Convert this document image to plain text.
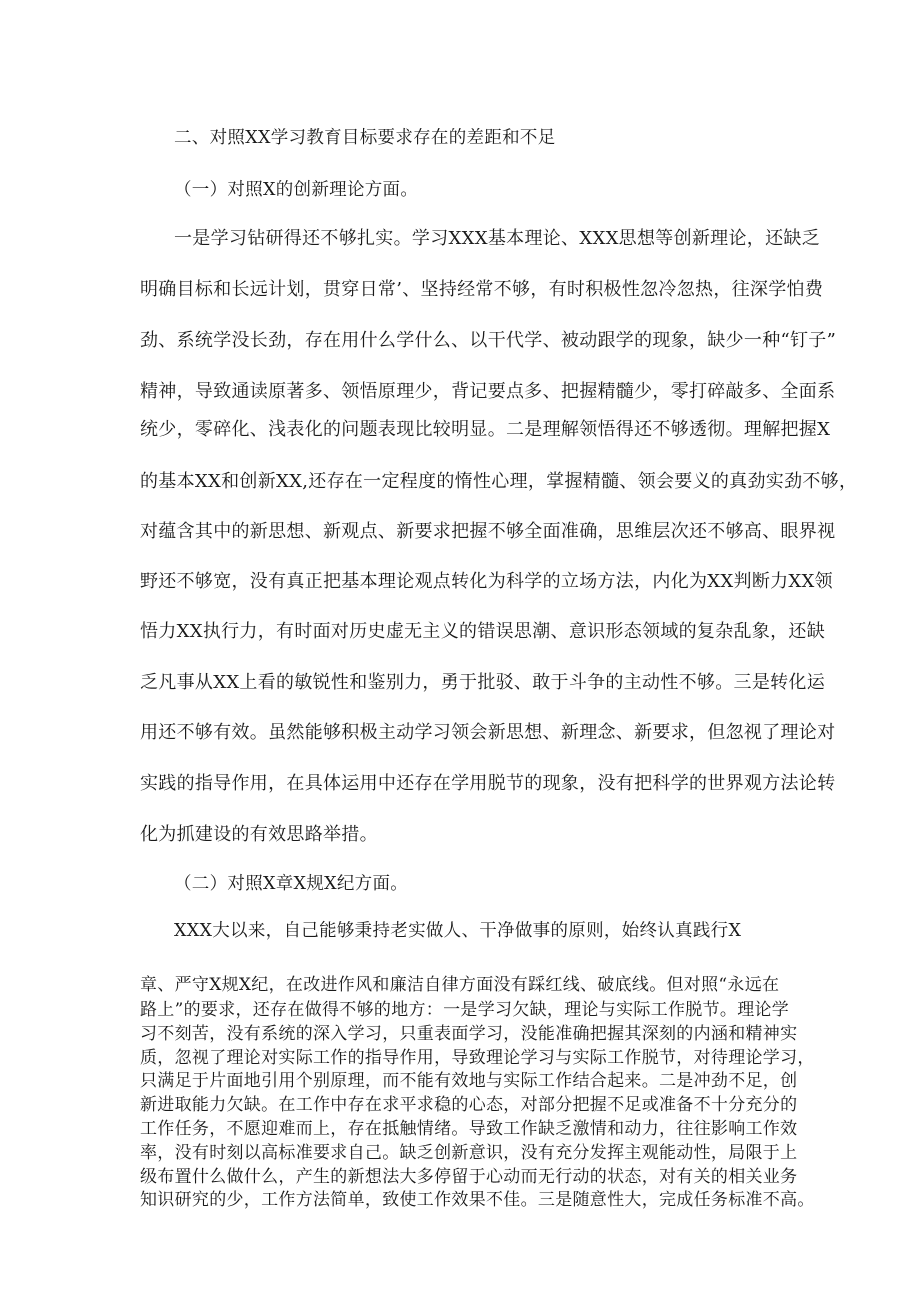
二、对照XX学习教育目标要求存在的差距和不足
（一）对照X的创新理论方面。
一是学习钻研得还不够扎实。学习XXX基本理论、XXX思想等创新理论，还缺乏
明确目标和长远计划，贯穿日常’、坚持经常不够，有时积极性忽冷忽热，往深学怕费
劲、系统学没长劲，存在用什么学什么、以干代学、被动跟学的现象，缺少一种“钉子”
精神，导致通读原著多、领悟原理少，背记要点多、把握精髓少，零打碎敲多、全面系
统少，零碎化、浅表化的问题表现比较明显。二是理解领悟得还不够透彻。理解把握X
的基本XX和创新XX,还存在一定程度的惰性心理，掌握精髓、领会要义的真劲实劲不够，
对蕴含其中的新思想、新观点、新要求把握不够全面准确，思维层次还不够高、眼界视
野还不够宽，没有真正把基本理论观点转化为科学的立场方法，内化为XX判断力XX领
悟力XX执行力，有时面对历史虚无主义的错误思潮、意识形态领域的复杂乱象，还缺
乏凡事从XX上看的敏锐性和鉴别力，勇于批驳、敢于斗争的主动性不够。三是转化运
用还不够有效。虽然能够积极主动学习领会新思想、新理念、新要求，但忽视了理论对
实践的指导作用，在具体运用中还存在学用脱节的现象，没有把科学的世界观方法论转
化为抓建设的有效思路举措。
（二）对照X章X规X纪方面。
XXX大以来，自己能够秉持老实做人、干净做事的原则，始终认真践行X
章、严守X规X纪，在改进作风和廉洁自律方面没有踩红线、破底线。但对照“永远在
路上”的要求，还存在做得不够的地方：一是学习欠缺，理论与实际工作脱节。理论学
习不刻苦，没有系统的深入学习，只重表面学习，没能准确把握其深刻的内涵和精神实
质，忽视了理论对实际工作的指导作用，导致理论学习与实际工作脱节，对待理论学习，
只满足于片面地引用个别原理，而不能有效地与实际工作结合起来。二是冲劲不足，创
新进取能力欠缺。在工作中存在求平求稳的心态，对部分把握不足或准备不十分充分的
工作任务，不愿迎难而上，存在抵触情绪。导致工作缺乏激情和动力，往往影响工作效
率，没有时刻以高标准要求自己。缺乏创新意识，没有充分发挥主观能动性，局限于上
级布置什么做什么，产生的新想法大多停留于心动而无行动的状态，对有关的相关业务
知识研究的少，工作方法简单，致使工作效果不佳。三是随意性大，完成任务标准不高。
